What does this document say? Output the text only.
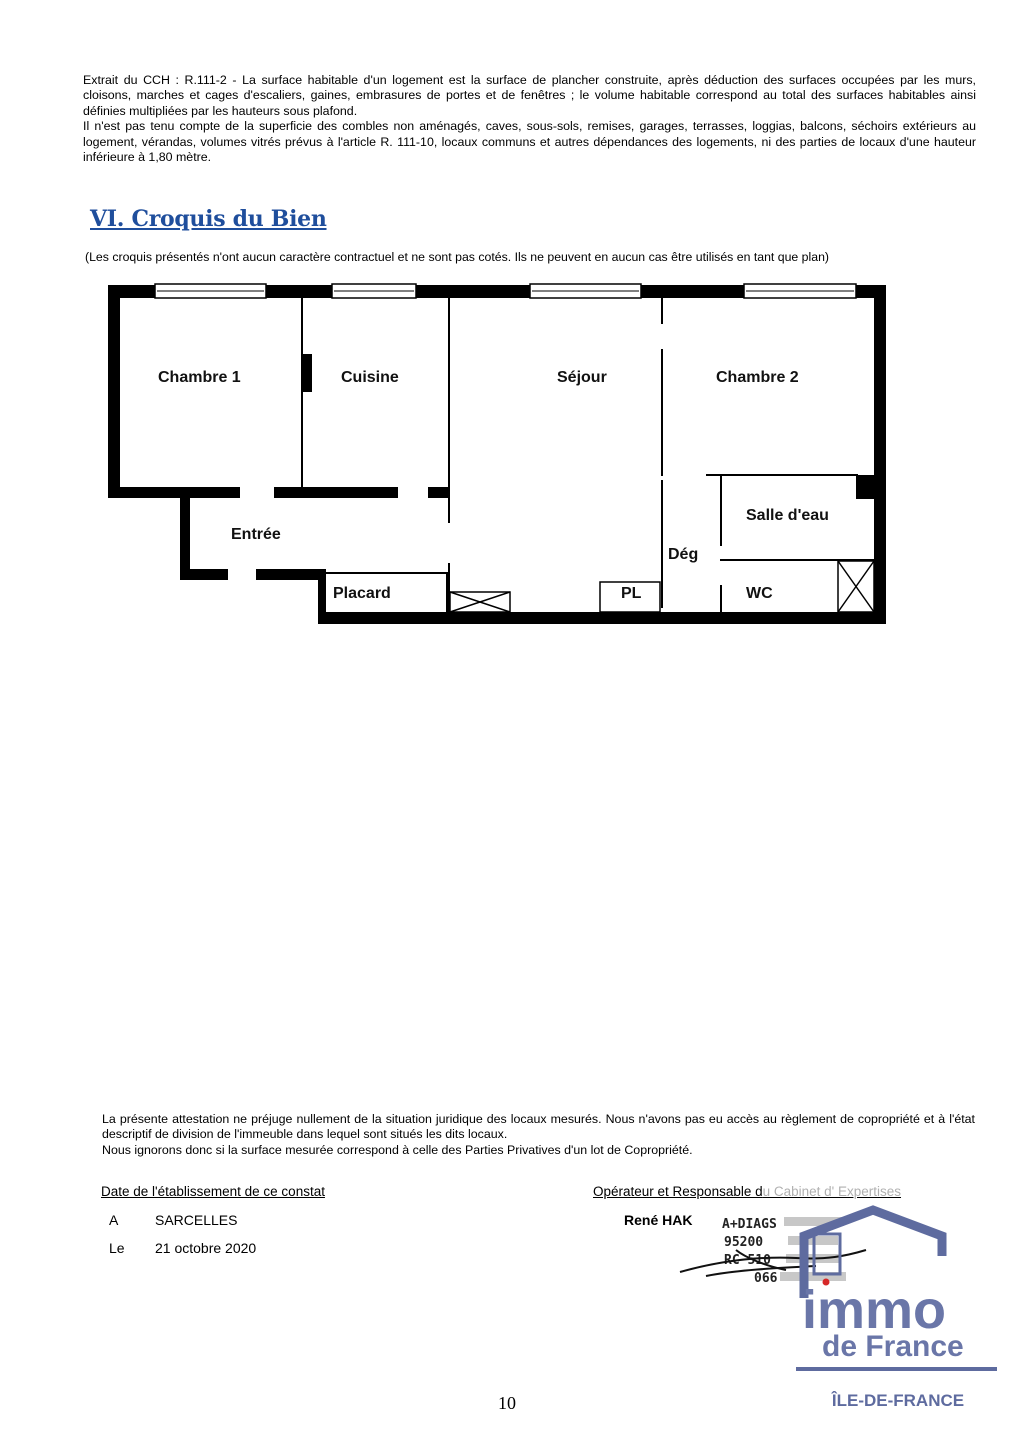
Extrait du CCH : R.111-2 - La surface habitable d'un logement est la surface de plancher construite, après déduction des surfaces occupées par les murs, cloisons, marches et cages d'escaliers, gaines, embrasures de portes et de fenêtres ; le volume habitable correspond au total des surfaces habitables ainsi définies multipliées par les hauteurs sous plafond.

Il n'est pas tenu compte de la superficie des combles non aménagés, caves, sous-sols, remises, garages, terrasses, loggias, balcons, séchoirs extérieurs au logement, vérandas, volumes vitrés prévus à l'article R. 111-10, locaux communs et autres dépendances des logements, ni des parties de locaux d'une hauteur inférieure à 1,80 mètre.

VI. Croquis du Bien
(Les croquis présentés n'ont aucun caractère contractuel et ne sont pas cotés. Ils ne peuvent en aucun cas être utilisés en tant que plan)
Chambre 1	Cuisine	Séjour	Chambre 2
Entrée
Salle d'eau
Dég
Placard	PL	WC

La présente attestation ne préjuge nullement de la situation juridique des locaux mesurés. Nous n'avons pas eu accès au règlement de copropriété et à l'état descriptif de division de l'immeuble dans lequel sont situés les dits locaux.

Nous ignorons donc si la surface mesurée correspond à celle des Parties Privatives d'un lot de Copropriété.

Date de l'établissement de ce constat	Opérateur et Responsable du Cabinet d' Expertises
A	SARCELLES
Le 21 octobre 2020
René HAK A+DIAGS
95200
RC 510
066
immo
de France
ÎLE-DE-FRANCE
10
